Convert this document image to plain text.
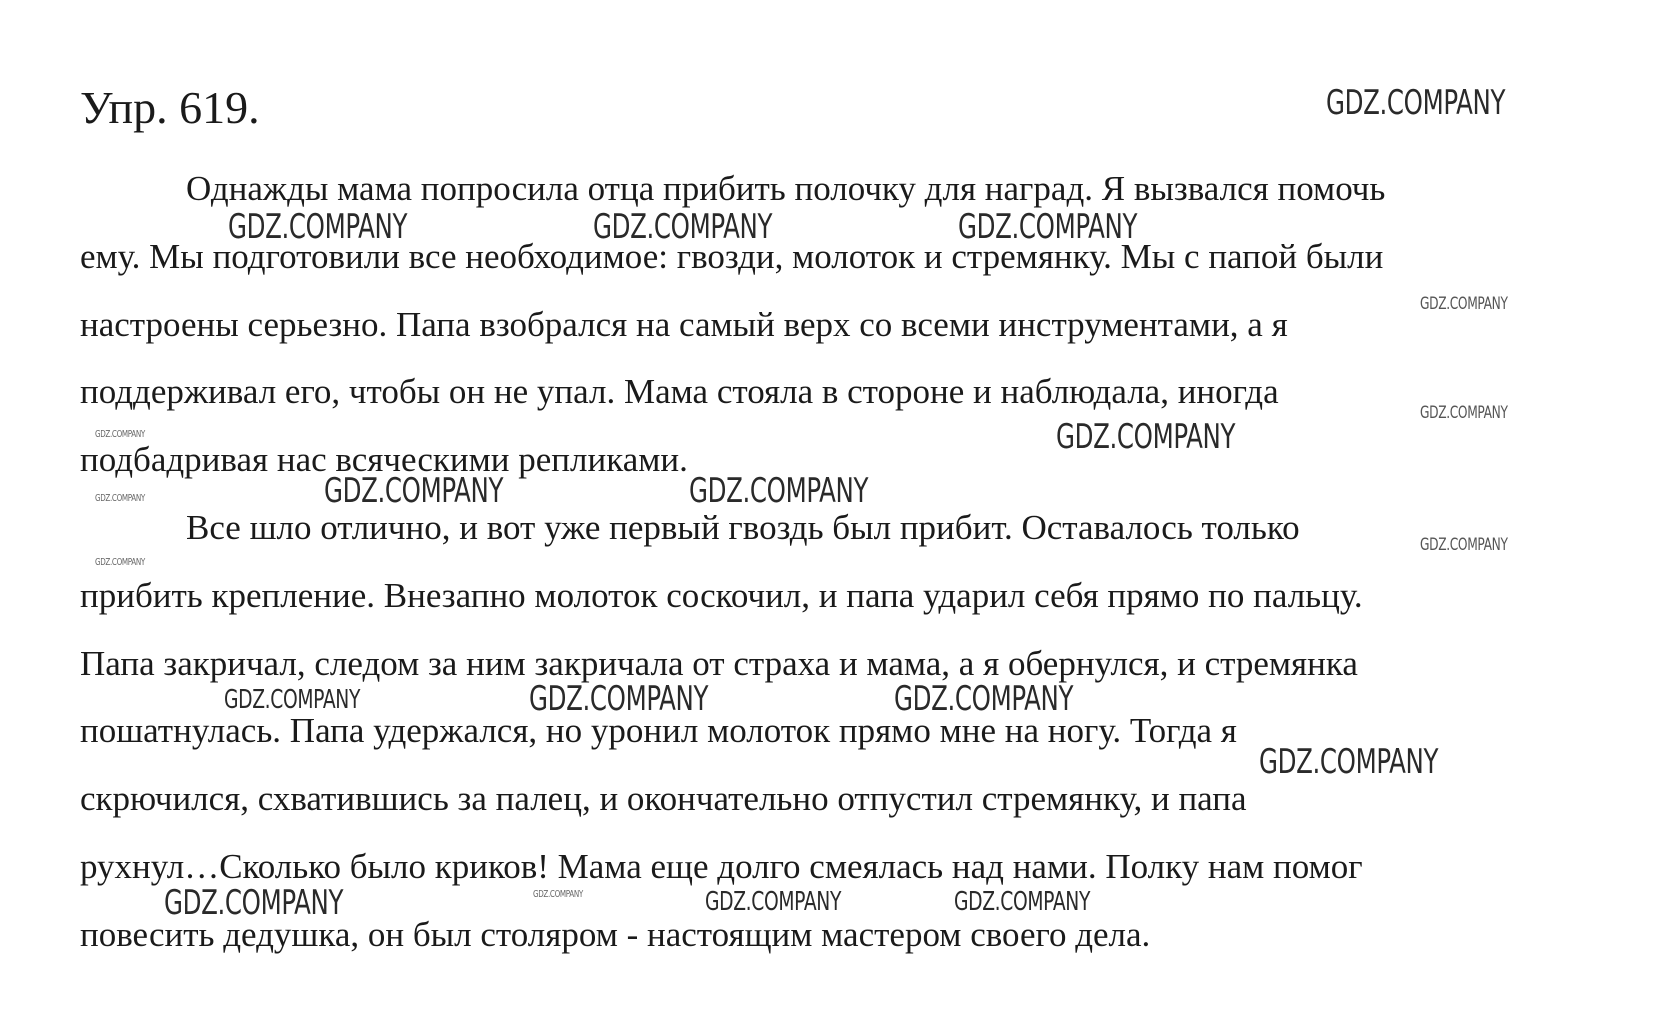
Упр. 619.
Однажды мама попросила отца прибить полочку для наград. Я вызвался помочь
ему. Мы подготовили все необходимое: гвозди, молоток и стремянку. Мы с папой были
настроены серьезно. Папа взобрался на самый верх со всеми инструментами, а я
поддерживал его, чтобы он не упал. Мама стояла в стороне и наблюдала, иногда
подбадривая нас всяческими репликами.
Все шло отлично, и вот уже первый гвоздь был прибит. Оставалось только
прибить крепление. Внезапно молоток соскочил, и папа ударил себя прямо по пальцу.
Папа закричал, следом за ним закричала от страха и мама, а я обернулся, и стремянка
пошатнулась. Папа удержался, но уронил молоток прямо мне на ногу. Тогда я
скрючился, схватившись за палец, и окончательно отпустил стремянку, и папа
рухнул…Сколько было криков! Мама еще долго смеялась над нами. Полку нам помог
повесить дедушка, он был столяром - настоящим мастером своего дела.
GDZ.COMPANY
GDZ.COMPANY	GDZ.COMPANY	GDZ.COMPANY
GDZ.COMPANY
GDZ.COMPANY
GDZ.COMPANY	GDZ.COMPANY
GDZ.COMPANY	GDZ.COMPANY	GDZ.COMPANY
GDZ.COMPANY
GDZ.COMPANY
GDZ.COMPANY	GDZ.COMPANY	GDZ.COMPANY
GDZ.COMPANY
GDZ.COMPANY	GDZ.COMPANY	GDZ.COMPANY	GDZ.COMPANY
